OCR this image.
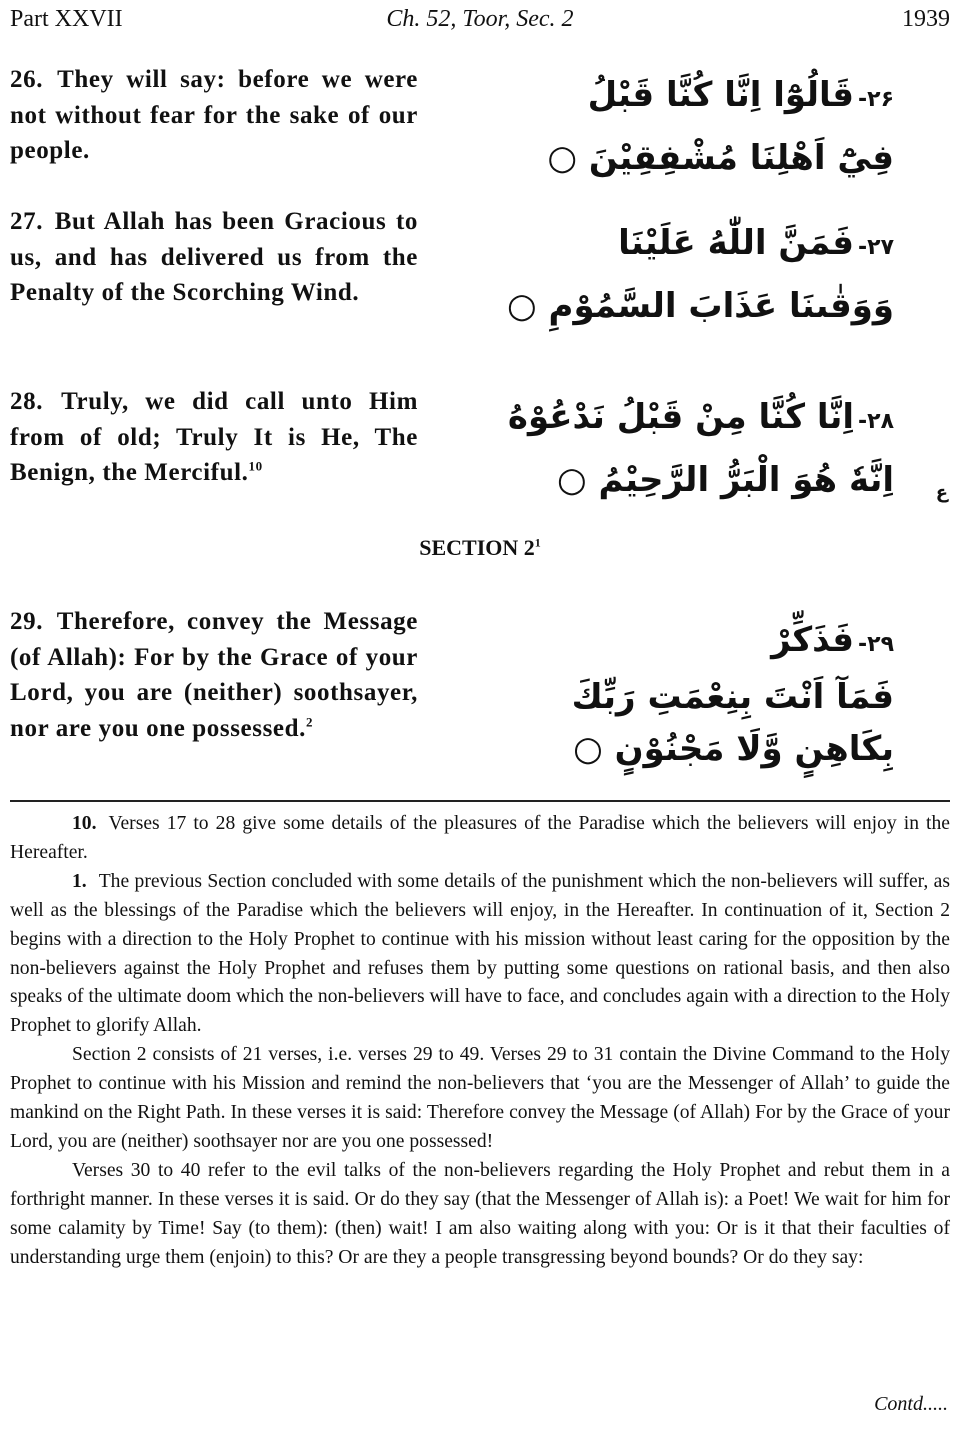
Part XXVII	Ch. 52, Toor, Sec. 2	1939
26. They will say: before we were not without fear for the sake of our people.
۲۶-قَالُوْٓا اِنَّا كُنَّا قَبْلُ
فِيْٓ اَهْلِنَا مُشْفِقِيْنَ ○
27. But Allah has been Gracious to us, and has delivered us from the Penalty of the Scorching Wind.
۲۷-فَمَنَّ اللّٰهُ عَلَيْنَا
وَوَقٰىنَا عَذَابَ السَّمُوْمِ ○
28. Truly, we did call unto Him from of old; Truly It is He, The Benign, the Merciful.$^{10}$
۲۸-اِنَّا كُنَّا مِنْ قَبْلُ نَدْعُوْهُ
اِنَّهٗ هُوَ الْبَرُّ الرَّحِيْمُ ○ ع
SECTION $2^1$
29. Therefore, convey the Message (of Allah): For by the Grace of your Lord, you are (neither) soothsayer, nor are you one possessed.$^2$
۲۹-فَذَكِّرْ
فَمَآ اَنْتَ بِنِعْمَتِ رَبِّكَ
بِكَاهِنٍ وَّلَا مَجْنُوْنٍ ○

10. Verses 17 to 28 give some details of the pleasures of the Paradise which the believers will enjoy in the Hereafter.

1. The previous Section concluded with some details of the punishment which the non-believers will suffer, as well as the blessings of the Paradise which the believers will enjoy, in the Hereafter. In continuation of it, Section 2 begins with a direction to the Holy Prophet to continue with his mission without least caring for the opposition by the non-believers against the Holy Prophet and refuses them by putting some questions on rational basis, and then also speaks of the ultimate doom which the non-believers will have to face, and concludes again with a direction to the Holy Prophet to glorify Allah.

Section 2 consists of 21 verses, i.e. verses 29 to 49. Verses 29 to 31 contain the Divine Command to the Holy Prophet to continue with his Mission and remind the non-believers that ‘you are the Messenger of Allah’ to guide the mankind on the Right Path. In these verses it is said: Therefore convey the Message (of Allah) For by the Grace of your Lord, you are (neither) soothsayer nor are you one possessed!

Verses 30 to 40 refer to the evil talks of the non-believers regarding the Holy Prophet and rebut them in a forthright manner. In these verses it is said. Or do they say (that the Messenger of Allah is): a Poet! We wait for him for some calamity by Time! Say (to them): (then) wait! I am also waiting along with you: Or is it that their faculties of understanding urge them (enjoin) to this? Or are they a people transgressing beyond bounds? Or do they say:

Contd.....
